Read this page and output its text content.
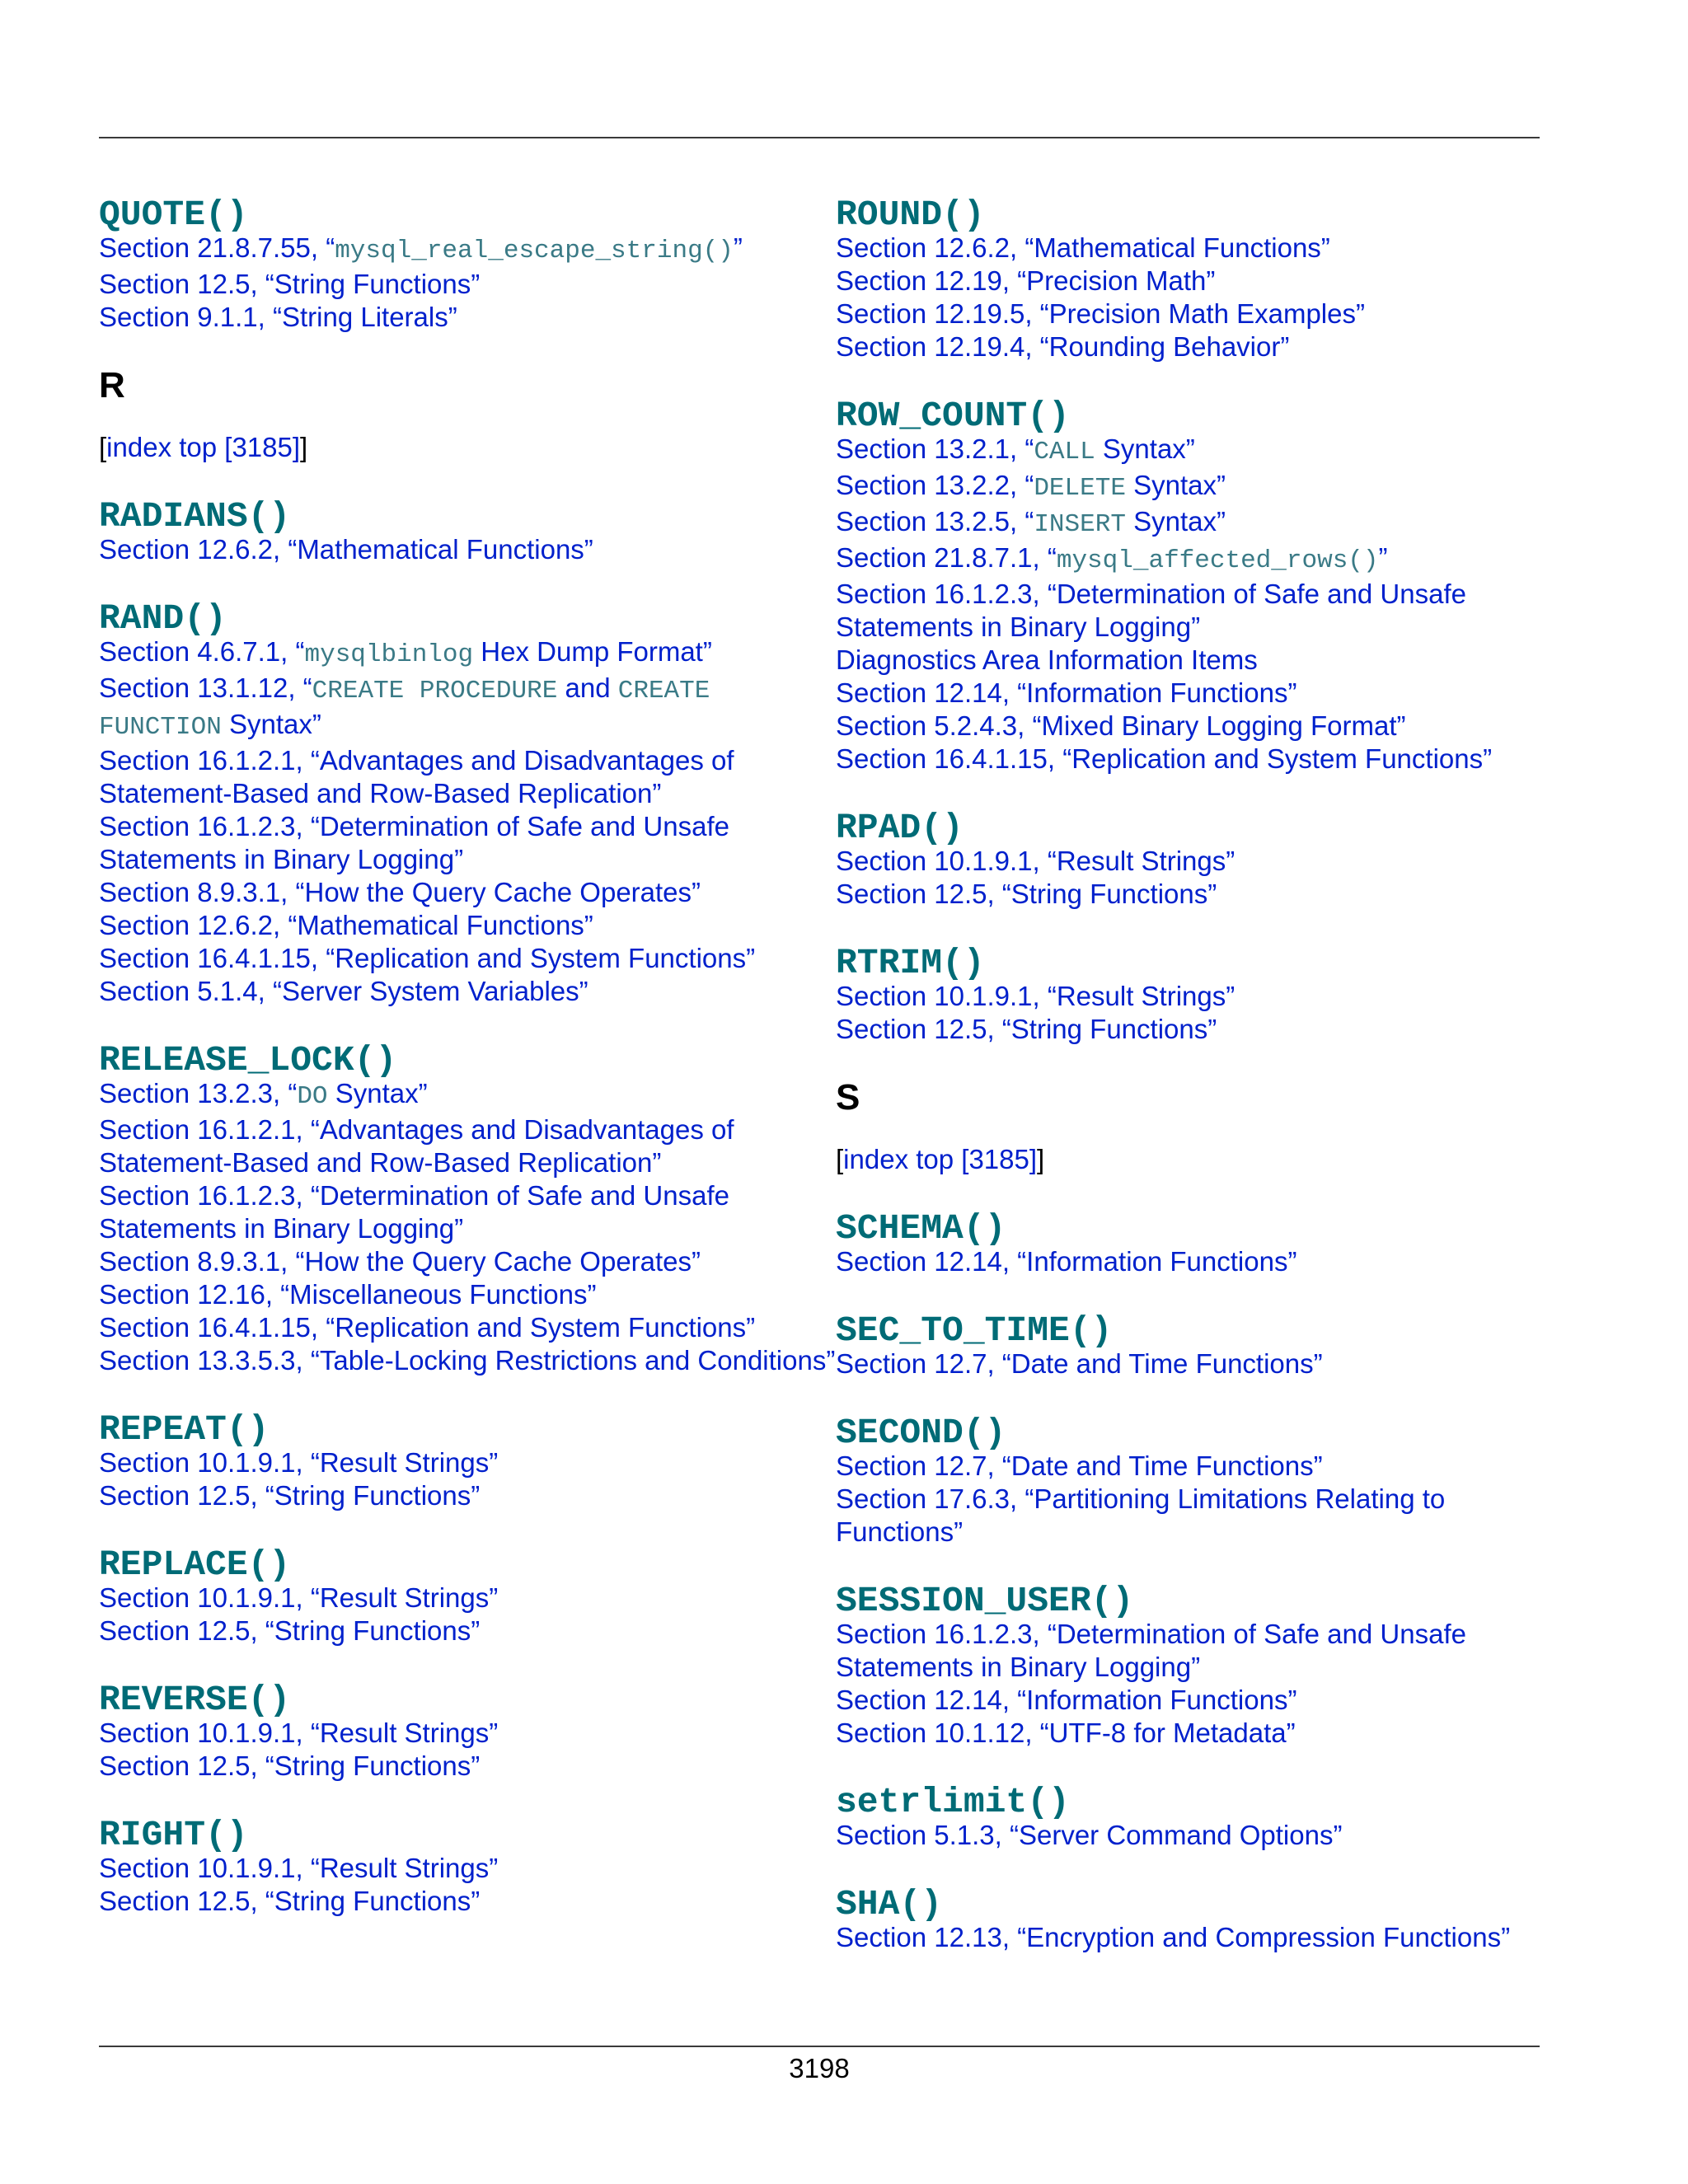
QUOTE()
Section 21.8.7.55, “mysql_real_escape_string()”
Section 12.5, “String Functions”
Section 9.1.1, “String Literals”
R
[index top [3185]]
RADIANS()
Section 12.6.2, “Mathematical Functions”
RAND()
Section 4.6.7.1, “mysqlbinlog Hex Dump Format”
Section 13.1.12, “CREATE PROCEDURE and CREATE FUNCTION Syntax”
Section 16.1.2.1, “Advantages and Disadvantages of Statement-Based and Row-Based Replication”
Section 16.1.2.3, “Determination of Safe and Unsafe Statements in Binary Logging”
Section 8.9.3.1, “How the Query Cache Operates”
Section 12.6.2, “Mathematical Functions”
Section 16.4.1.15, “Replication and System Functions”
Section 5.1.4, “Server System Variables”
RELEASE_LOCK()
Section 13.2.3, “DO Syntax”
Section 16.1.2.1, “Advantages and Disadvantages of Statement-Based and Row-Based Replication”
Section 16.1.2.3, “Determination of Safe and Unsafe Statements in Binary Logging”
Section 8.9.3.1, “How the Query Cache Operates”
Section 12.16, “Miscellaneous Functions”
Section 16.4.1.15, “Replication and System Functions”
Section 13.3.5.3, “Table-Locking Restrictions and Conditions”
REPEAT()
Section 10.1.9.1, “Result Strings”
Section 12.5, “String Functions”
REPLACE()
Section 10.1.9.1, “Result Strings”
Section 12.5, “String Functions”
REVERSE()
Section 10.1.9.1, “Result Strings”
Section 12.5, “String Functions”
RIGHT()
Section 10.1.9.1, “Result Strings”
Section 12.5, “String Functions”
ROUND()
Section 12.6.2, “Mathematical Functions”
Section 12.19, “Precision Math”
Section 12.19.5, “Precision Math Examples”
Section 12.19.4, “Rounding Behavior”
ROW_COUNT()
Section 13.2.1, “CALL Syntax”
Section 13.2.2, “DELETE Syntax”
Section 13.2.5, “INSERT Syntax”
Section 21.8.7.1, “mysql_affected_rows()”
Section 16.1.2.3, “Determination of Safe and Unsafe Statements in Binary Logging”
Diagnostics Area Information Items
Section 12.14, “Information Functions”
Section 5.2.4.3, “Mixed Binary Logging Format”
Section 16.4.1.15, “Replication and System Functions”
RPAD()
Section 10.1.9.1, “Result Strings”
Section 12.5, “String Functions”
RTRIM()
Section 10.1.9.1, “Result Strings”
Section 12.5, “String Functions”
S
[index top [3185]]
SCHEMA()
Section 12.14, “Information Functions”
SEC_TO_TIME()
Section 12.7, “Date and Time Functions”
SECOND()
Section 12.7, “Date and Time Functions”
Section 17.6.3, “Partitioning Limitations Relating to Functions”
SESSION_USER()
Section 16.1.2.3, “Determination of Safe and Unsafe Statements in Binary Logging”
Section 12.14, “Information Functions”
Section 10.1.12, “UTF-8 for Metadata”
setrlimit()
Section 5.1.3, “Server Command Options”
SHA()
Section 12.13, “Encryption and Compression Functions”
3198
